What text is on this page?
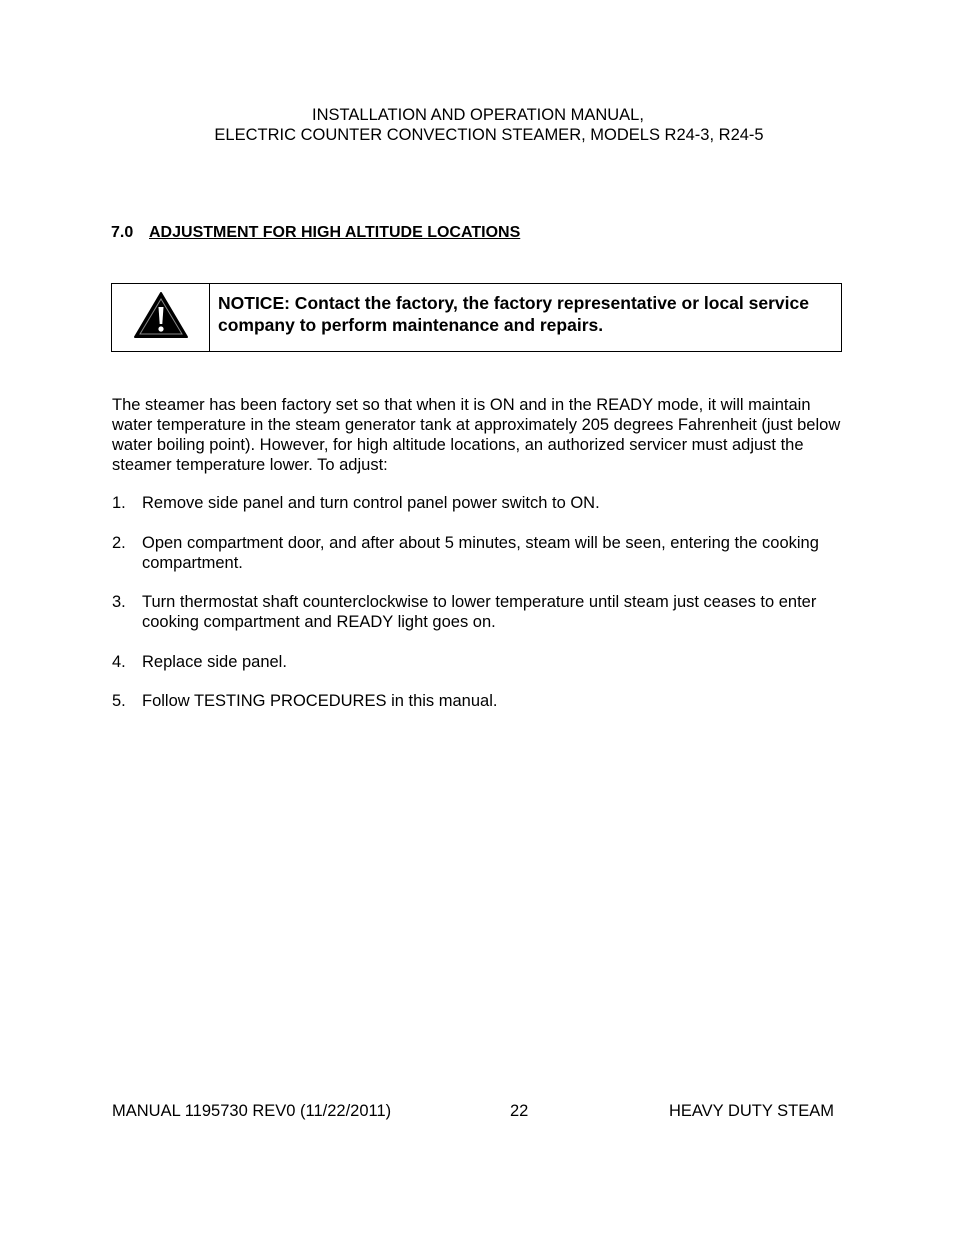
INSTALLATION AND OPERATION MANUAL,
ELECTRIC COUNTER CONVECTION STEAMER, MODELS R24-3, R24-5
7.0 ADJUSTMENT FOR HIGH ALTITUDE LOCATIONS
NOTICE: Contact the factory, the factory representative or local service company to perform maintenance and repairs.
The steamer has been factory set so that when it is ON and in the READY mode, it will maintain water temperature in the steam generator tank at approximately 205 degrees Fahrenheit (just below water boiling point). However, for high altitude locations, an authorized servicer must adjust the steamer temperature lower. To adjust:
1. Remove side panel and turn control panel power switch to ON.
2. Open compartment door, and after about 5 minutes, steam will be seen, entering the cooking compartment.
3. Turn thermostat shaft counterclockwise to lower temperature until steam just ceases to enter cooking compartment and READY light goes on.
4. Replace side panel.
5. Follow TESTING PROCEDURES in this manual.
MANUAL 1195730 REV0 (11/22/2011)	22	HEAVY DUTY STEAM
